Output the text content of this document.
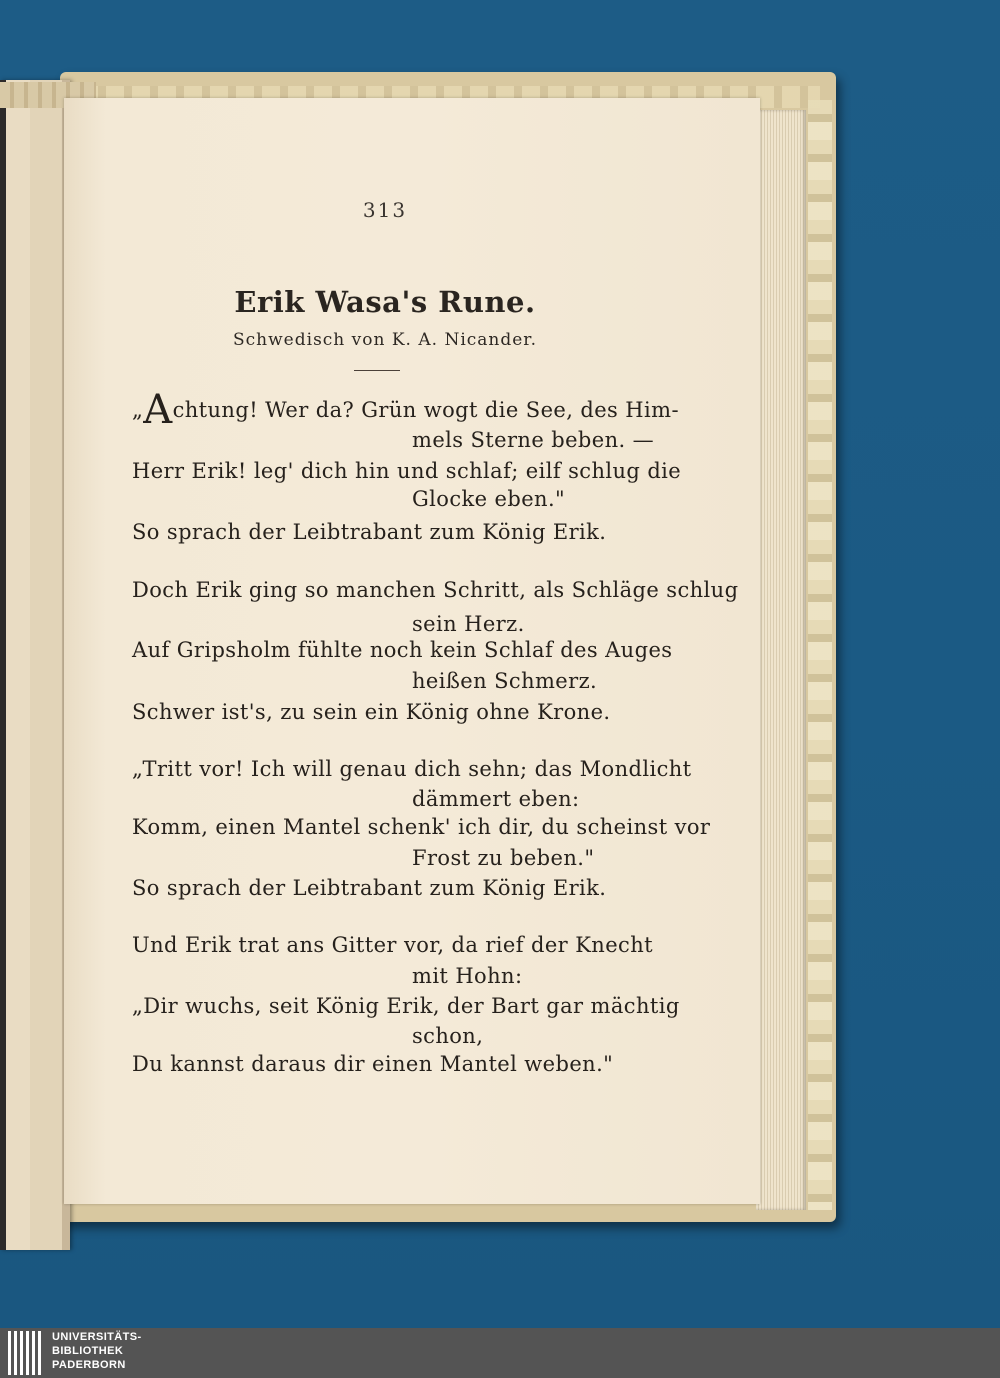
313
Erik Wasa's Rune.
Schwedisch von K. A. Nicander.
„Achtung! Wer da? Grün wogt die See, des Him-
mels Sterne beben. —
Herr Erik! leg' dich hin und schlaf; eilf schlug die
Glocke eben."
So sprach der Leibtrabant zum König Erik.
Doch Erik ging so manchen Schritt, als Schläge schlug
sein Herz.
Auf Gripsholm fühlte noch kein Schlaf des Auges
heißen Schmerz.
Schwer ist's, zu sein ein König ohne Krone.
„Tritt vor! Ich will genau dich sehn; das Mondlicht
dämmert eben:
Komm, einen Mantel schenk' ich dir, du scheinst vor
Frost zu beben."
So sprach der Leibtrabant zum König Erik.
Und Erik trat ans Gitter vor, da rief der Knecht
mit Hohn:
„Dir wuchs, seit König Erik, der Bart gar mächtig
schon,
Du kannst daraus dir einen Mantel weben."
UNIVERSITÄTS-
BIBLIOTHEK
PADERBORN
